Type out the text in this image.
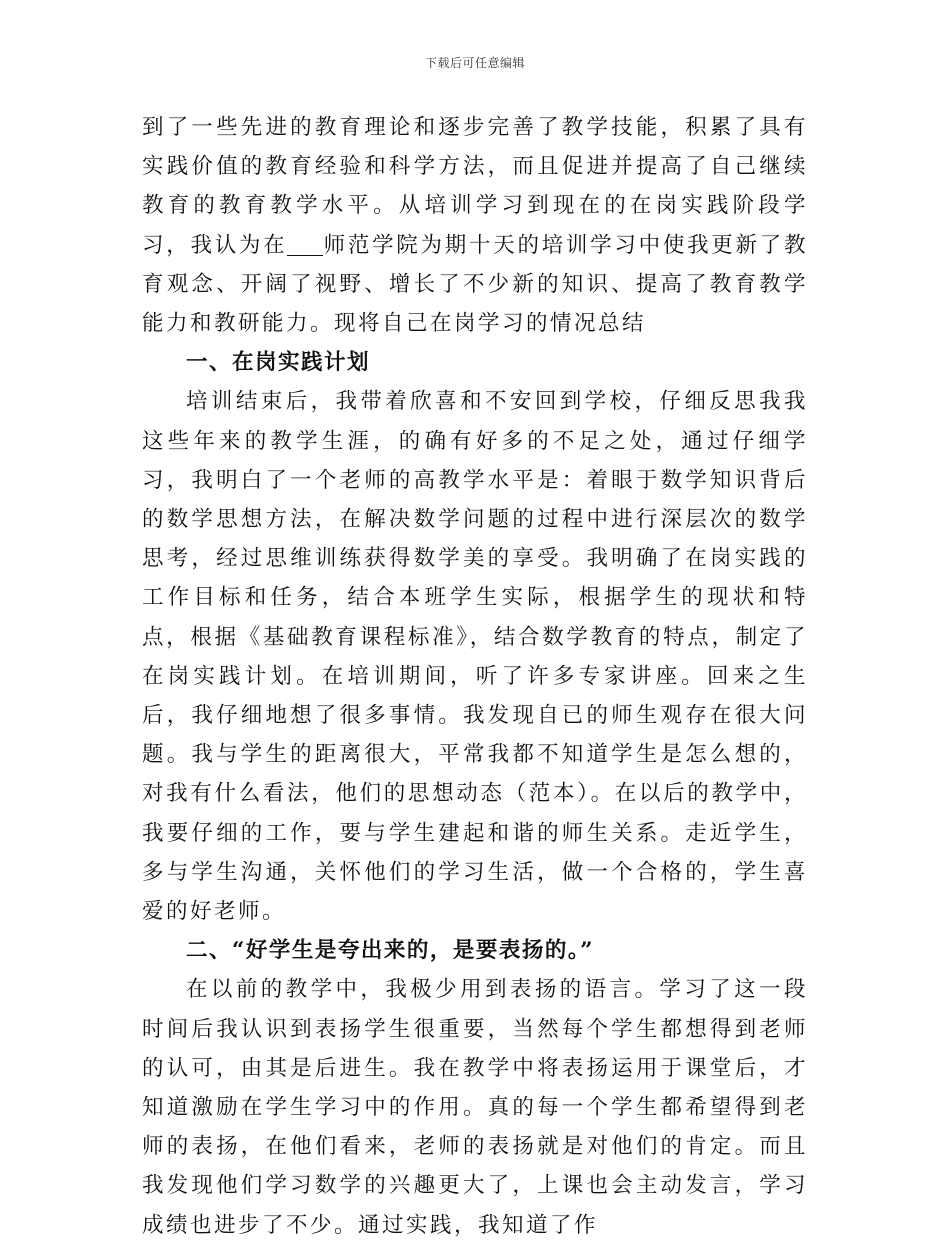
下载后可任意编辑

到了一些先进的教育理论和逐步完善了教学技能，积累了具有实践价值的教育经验和科学方法，而且促进并提高了自己继续教育的教育教学水平。从培训学习到现在的在岗实践阶段学习，我认为在 师范学院为期十天的培训学习中使我更新了教育观念、开阔了视野、增长了不少新的知识、提高了教育教学能力和教研能力。现将自己在岗学习的情况总结

一、在岗实践计划

培训结束后，我带着欣喜和不安回到学校，仔细反思我我这些年来的教学生涯，的确有好多的不足之处，通过仔细学习，我明白了一个老师的高教学水平是：着眼于数学知识背后的数学思想方法，在解决数学问题的过程中进行深层次的数学思考，经过思维训练获得数学美的享受。我明确了在岗实践的工作目标和任务，结合本班学生实际，根据学生的现状和特点，根据《基础教育课程标准》，结合数学教育的特点，制定了在岗实践计划。在培训期间，听了许多专家讲座。回来之生后，我仔细地想了很多事情。我发现自已的师生观存在很大问题。我与学生的距离很大，平常我都不知道学生是怎么想的，对我有什么看法，他们的思想动态（范本）。在以后的教学中，我要仔细的工作，要与学生建起和谐的师生关系。走近学生，多与学生沟通，关怀他们的学习生活，做一个合格的，学生喜爱的好老师。

二、“好学生是夸出来的，是要表扬的。”

在以前的教学中，我极少用到表扬的语言。学习了这一段时间后我认识到表扬学生很重要，当然每个学生都想得到老师的认可，由其是后进生。我在教学中将表扬运用于课堂后，才知道激励在学生学习中的作用。真的每一个学生都希望得到老师的表扬，在他们看来，老师的表扬就是对他们的肯定。而且我发现他们学习数学的兴趣更大了，上课也会主动发言，学习成绩也进步了不少。通过实践，我知道了作
